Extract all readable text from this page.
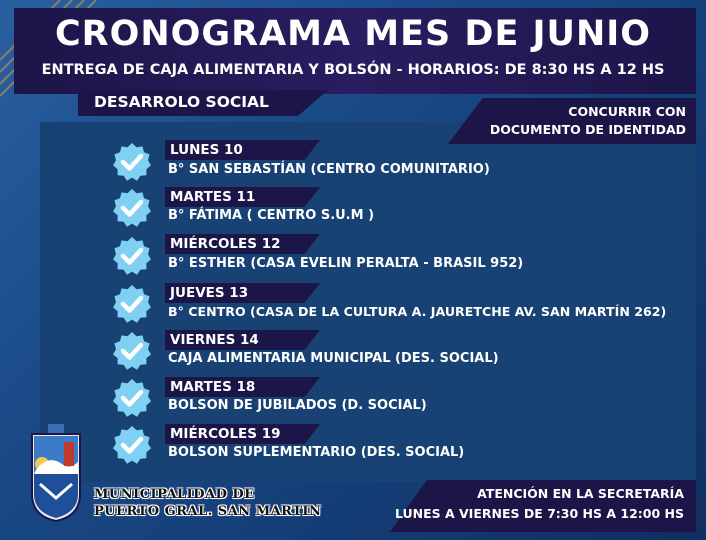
CRONOGRAMA MES DE JUNIO
ENTREGA DE CAJA ALIMENTARIA Y BOLSÓN - HORARIOS: DE 8:30 HS A 12 HS
DESARROLO SOCIAL
CONCURRIR CON
DOCUMENTO DE IDENTIDAD
LUNES 10
B° SAN SEBASTÍAN (CENTRO COMUNITARIO)
MARTES 11
B° FÁTIMA ( CENTRO S.U.M )
MIÉRCOLES 12
B° ESTHER (CASA EVELIN PERALTA - BRASIL 952)
JUEVES 13
B° CENTRO (CASA DE LA CULTURA A. JAURETCHE AV. SAN MARTÍN 262)
VIERNES 14
CAJA ALIMENTARIA MUNICIPAL (DES. SOCIAL)
MARTES 18
BOLSON DE JUBILADOS (D. SOCIAL)
MIÉRCOLES 19
BOLSON SUPLEMENTARIO (DES. SOCIAL)
MUNICIPALIDAD DE
PUERTO GRAL. SAN MARTIN
ATENCIÓN EN LA SECRETARÍA
LUNES A VIERNES DE 7:30 HS A 12:00 HS
